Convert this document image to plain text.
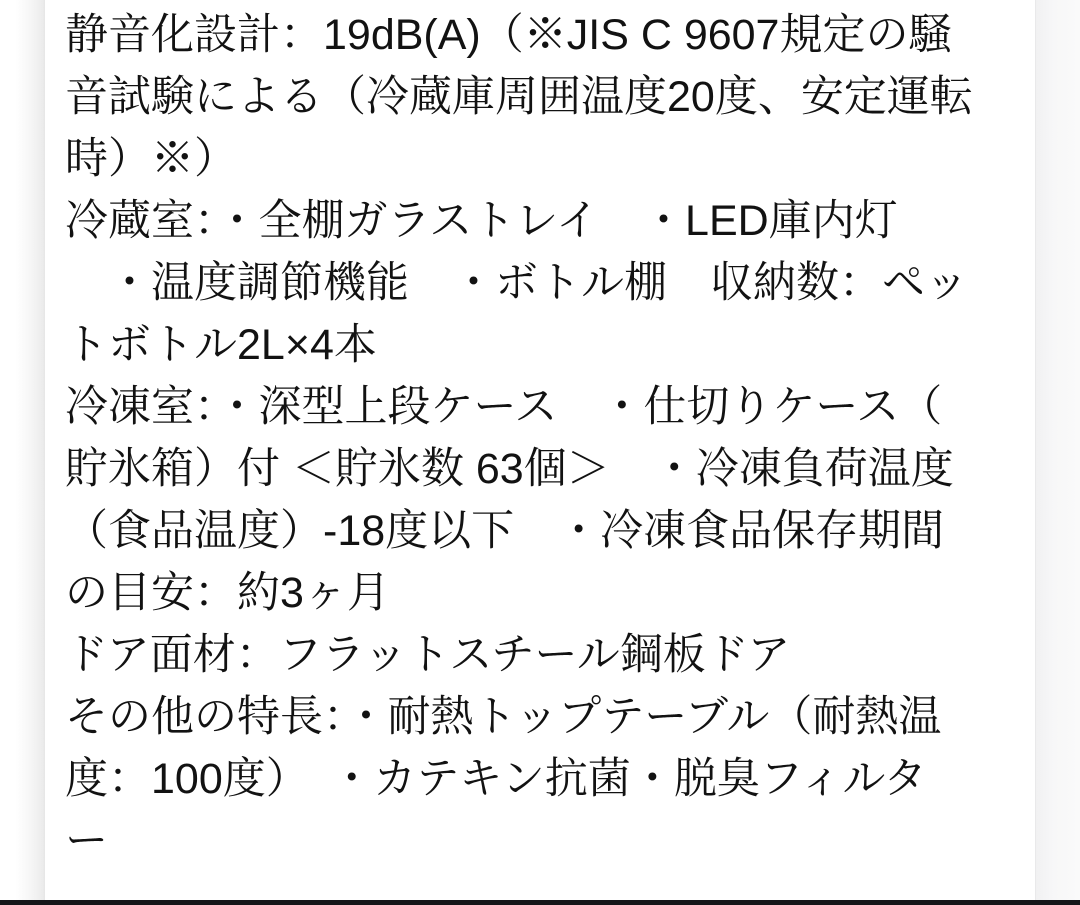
静音化設計：19dB(A)（※JIS C 9607規定の騒
音試験による（冷蔵庫周囲温度20度、安定運転
時）※）
冷蔵室：・全棚ガラストレイ　・LED庫内灯
　・温度調節機能　・ボトル棚　収納数：ペッ
トボトル2L×4本
冷凍室：・深型上段ケース　・仕切りケース（
貯氷箱）付 ＜貯氷数 63個＞　・冷凍負荷温度
（食品温度）-18度以下　・冷凍食品保存期間
の目安：約3ヶ月
ドア面材：フラットスチール鋼板ドア
その他の特長：・耐熱トップテーブル（耐熱温
度：100度）　・カテキン抗菌・脱臭フィルタ
ー
